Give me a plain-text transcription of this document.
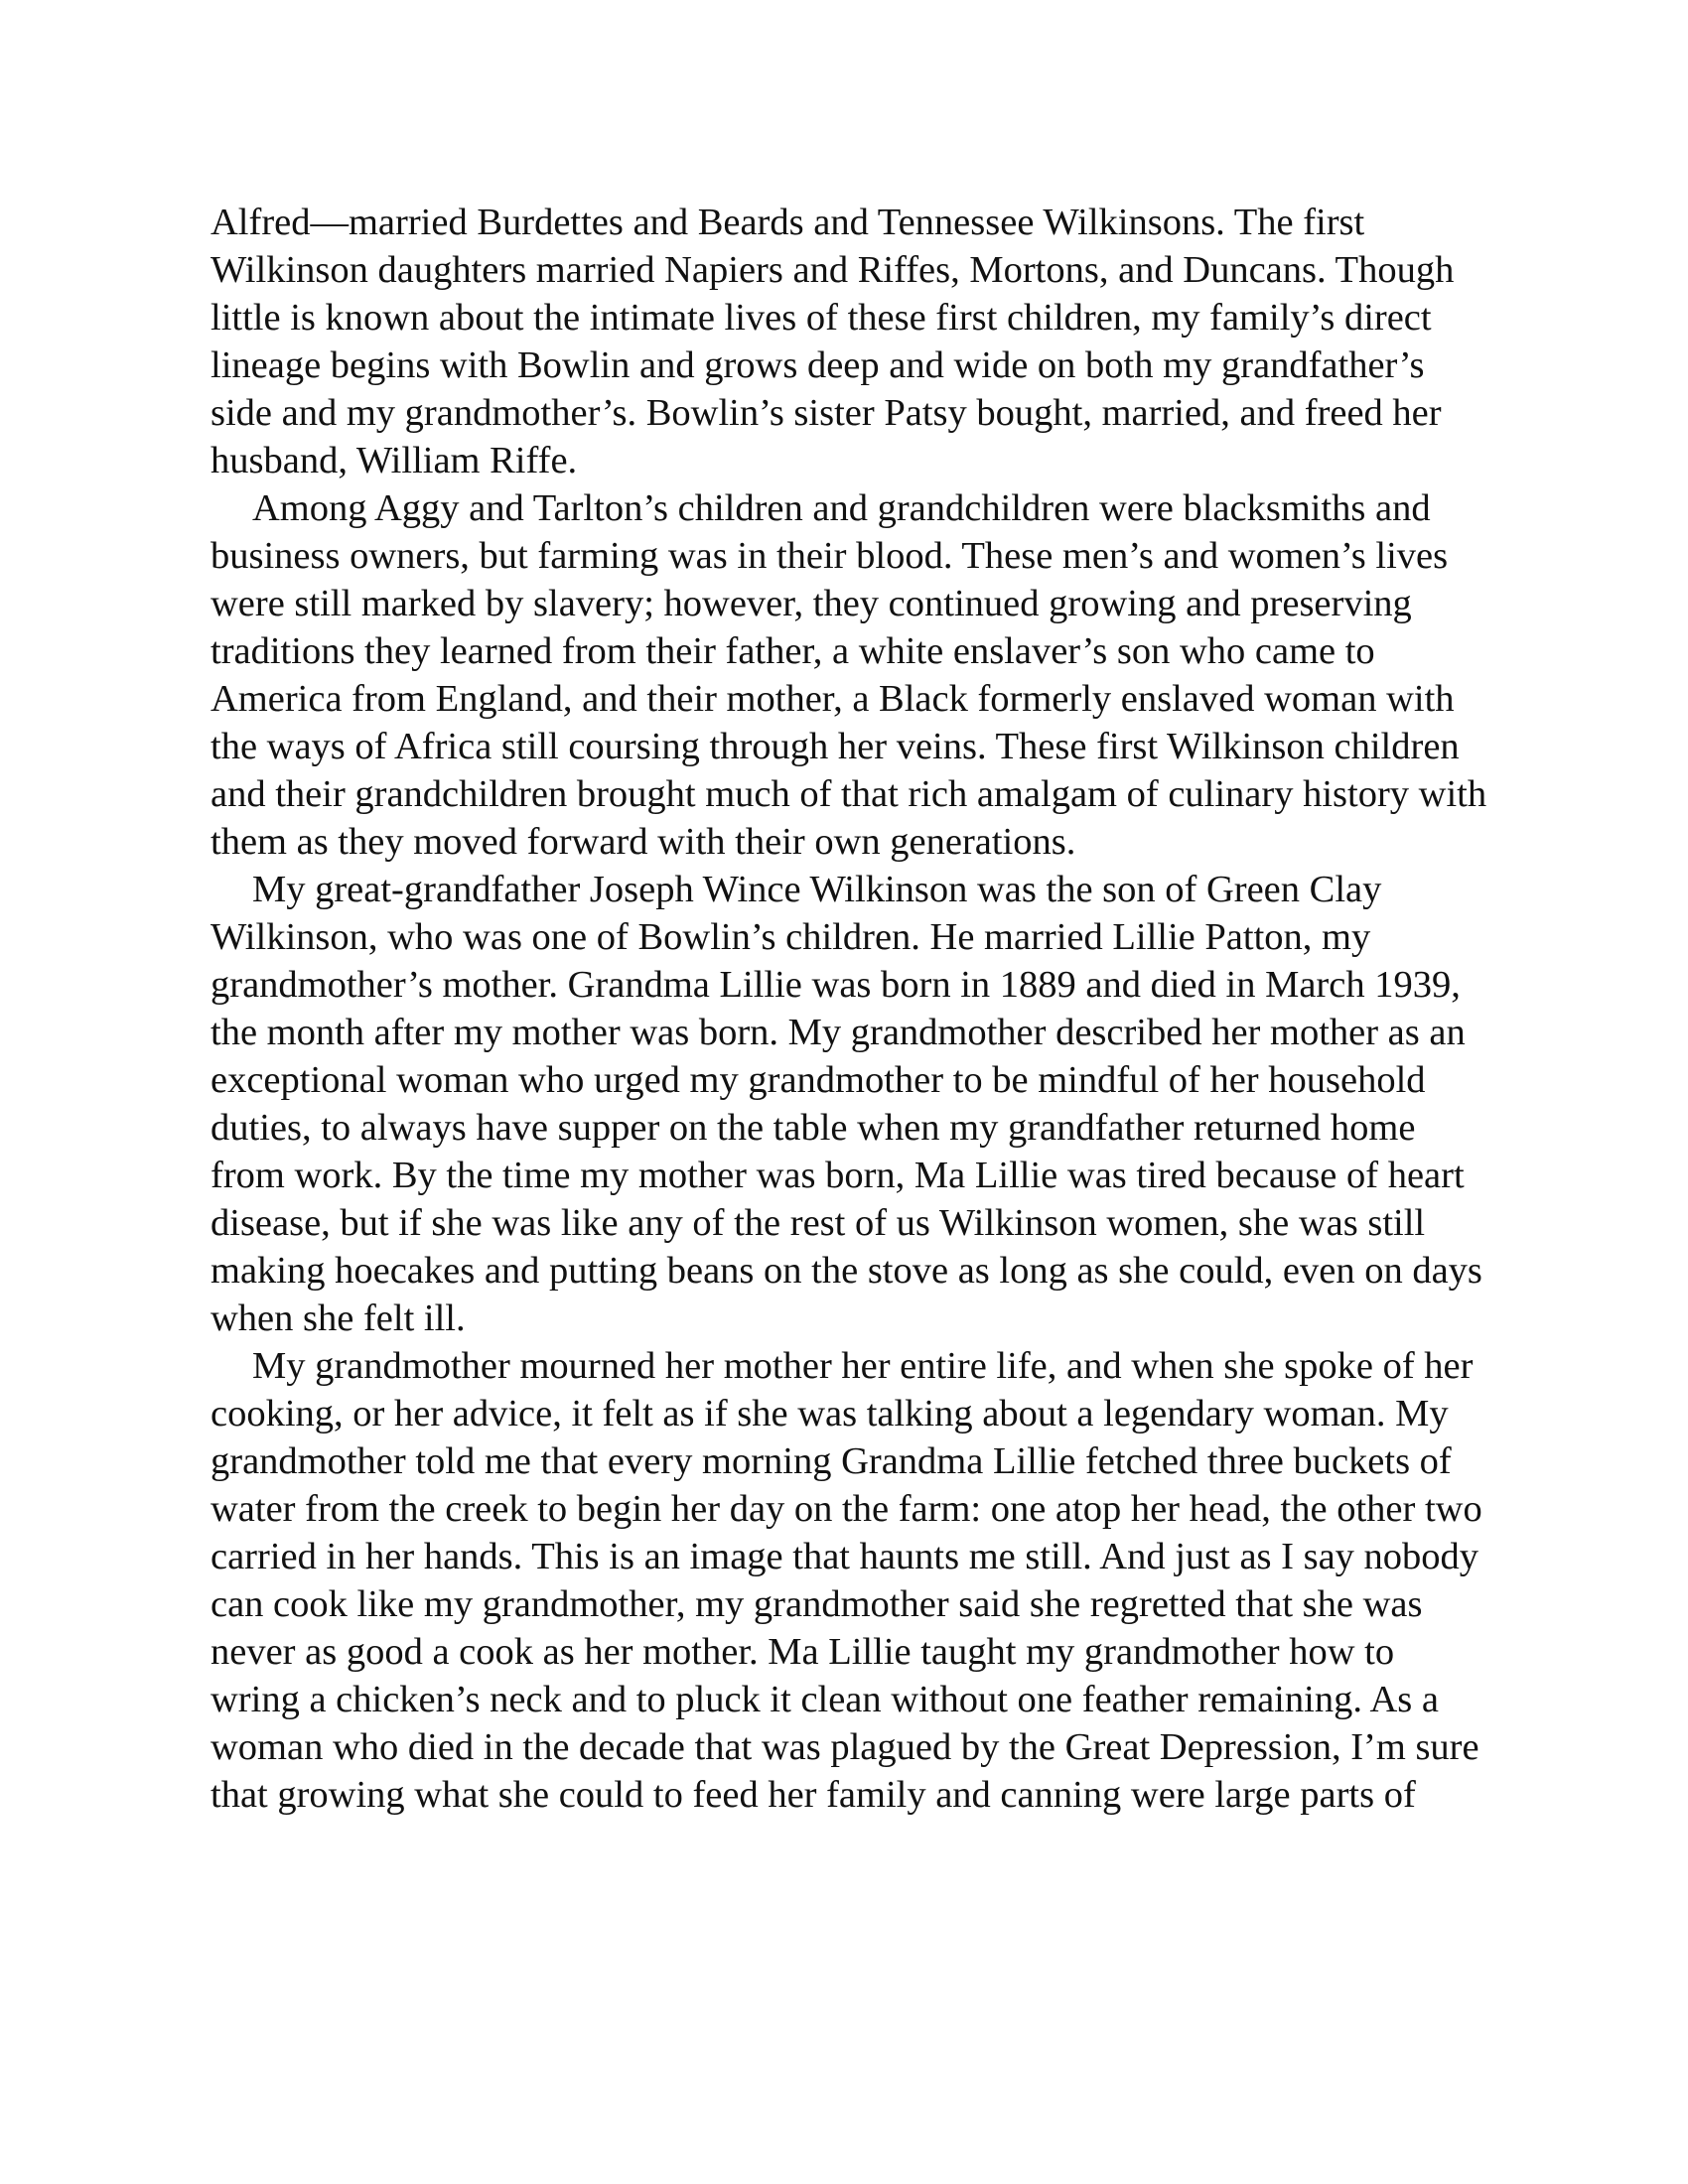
Alfred—married Burdettes and Beards and Tennessee Wilkinsons. The first Wilkinson daughters married Napiers and Riffes, Mortons, and Duncans. Though little is known about the intimate lives of these first children, my family’s direct lineage begins with Bowlin and grows deep and wide on both my grandfather’s side and my grandmother’s. Bowlin’s sister Patsy bought, married, and freed her husband, William Riffe.

Among Aggy and Tarlton’s children and grandchildren were blacksmiths and business owners, but farming was in their blood. These men’s and women’s lives were still marked by slavery; however, they continued growing and preserving traditions they learned from their father, a white enslaver’s son who came to America from England, and their mother, a Black formerly enslaved woman with the ways of Africa still coursing through her veins. These first Wilkinson children and their grandchildren brought much of that rich amalgam of culinary history with them as they moved forward with their own generations.

My great-grandfather Joseph Wince Wilkinson was the son of Green Clay Wilkinson, who was one of Bowlin’s children. He married Lillie Patton, my grandmother’s mother. Grandma Lillie was born in 1889 and died in March 1939, the month after my mother was born. My grandmother described her mother as an exceptional woman who urged my grandmother to be mindful of her household duties, to always have supper on the table when my grandfather returned home from work. By the time my mother was born, Ma Lillie was tired because of heart disease, but if she was like any of the rest of us Wilkinson women, she was still making hoecakes and putting beans on the stove as long as she could, even on days when she felt ill.

My grandmother mourned her mother her entire life, and when she spoke of her cooking, or her advice, it felt as if she was talking about a legendary woman. My grandmother told me that every morning Grandma Lillie fetched three buckets of water from the creek to begin her day on the farm: one atop her head, the other two carried in her hands. This is an image that haunts me still. And just as I say nobody can cook like my grandmother, my grandmother said she regretted that she was never as good a cook as her mother. Ma Lillie taught my grandmother how to wring a chicken’s neck and to pluck it clean without one feather remaining. As a woman who died in the decade that was plagued by the Great Depression, I’m sure that growing what she could to feed her family and canning were large parts of
